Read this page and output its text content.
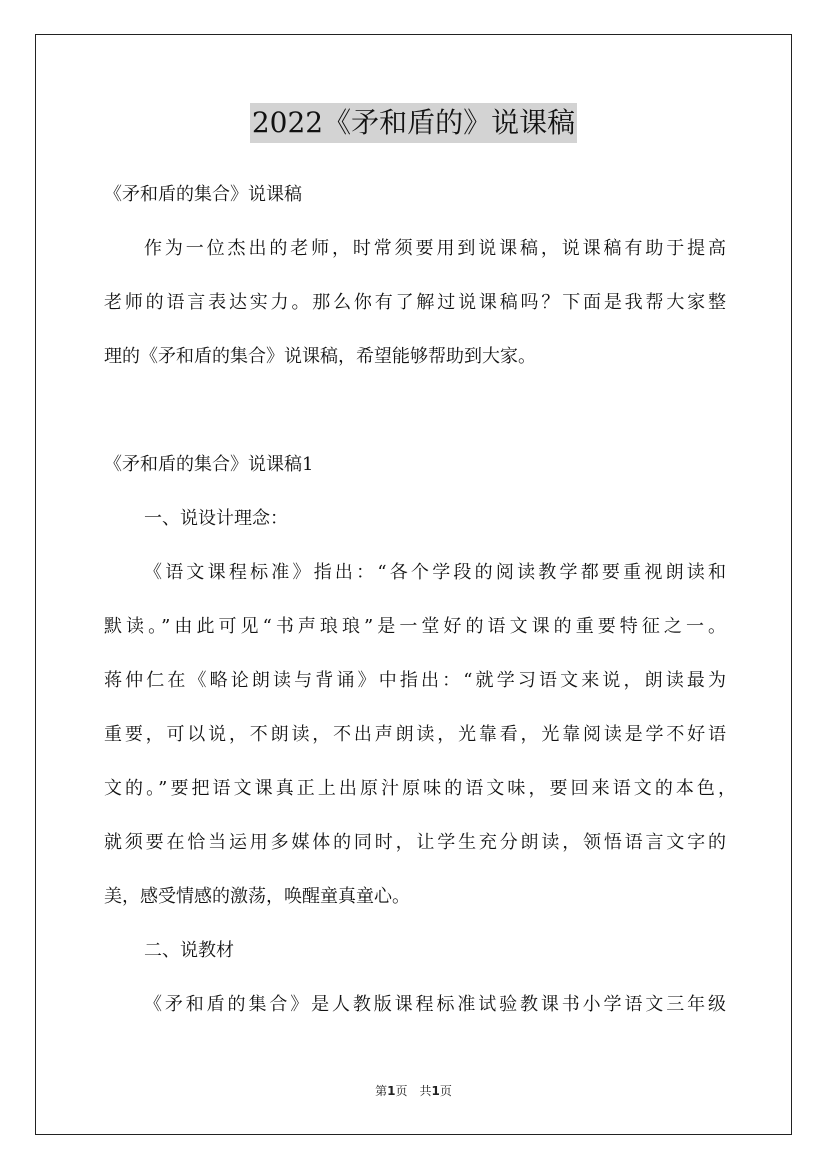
2022《矛和盾的》说课稿

《矛和盾的集合》说课稿

作为一位杰出的老师，时常须要用到说课稿，说课稿有助于提高

老师的语言表达实力。那么你有了解过说课稿吗？下面是我帮大家整

理的《矛和盾的集合》说课稿，希望能够帮助到大家。

《矛和盾的集合》说课稿1

一、说设计理念：

《语文课程标准》指出：“各个学段的阅读教学都要重视朗读和

默读。”由此可见“书声琅琅”是一堂好的语文课的重要特征之一。

蒋仲仁在《略论朗读与背诵》中指出：“就学习语文来说，朗读最为

重要，可以说，不朗读，不出声朗读，光靠看，光靠阅读是学不好语

文的。”要把语文课真正上出原汁原味的语文味，要回来语文的本色，

就须要在恰当运用多媒体的同时，让学生充分朗读，领悟语言文字的

美，感受情感的激荡，唤醒童真童心。

二、说教材

《矛和盾的集合》是人教版课程标准试验教课书小学语文三年级

第1页　共1页
